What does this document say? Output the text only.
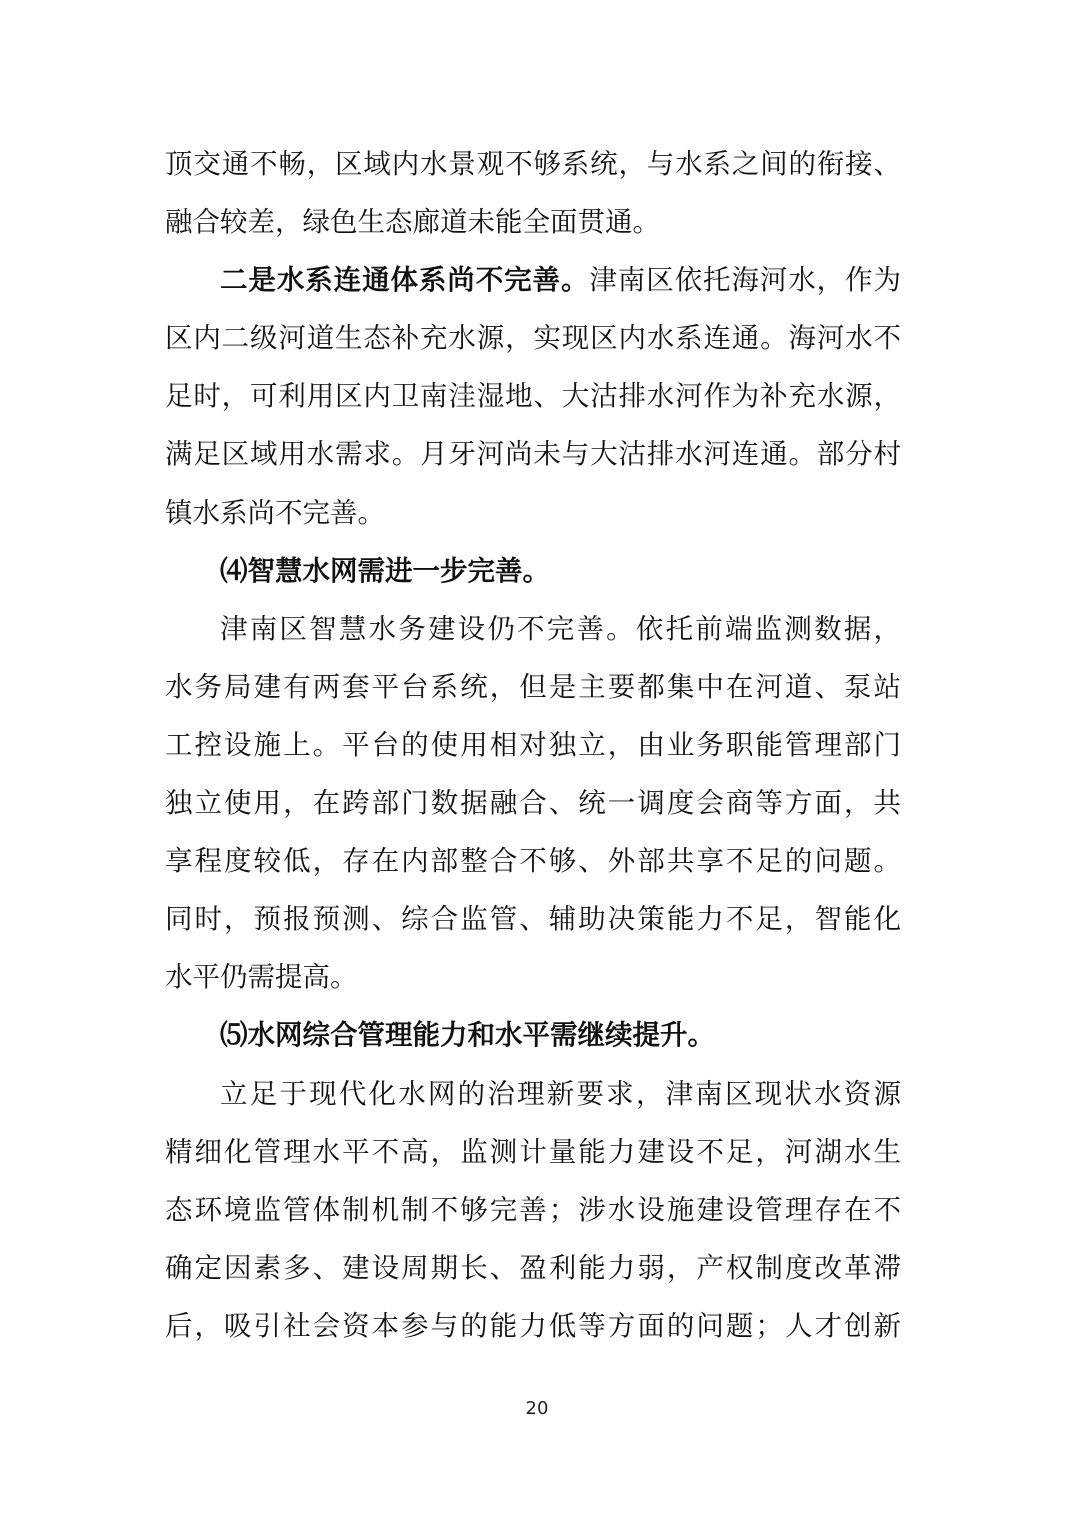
顶交通不畅，区域内水景观不够系统，与水系之间的衔接、
融合较差，绿色生态廊道未能全面贯通。
二是水系连通体系尚不完善。津南区依托海河水，作为
区内二级河道生态补充水源，实现区内水系连通。海河水不
足时，可利用区内卫南洼湿地、大沽排水河作为补充水源，
满足区域用水需求。月牙河尚未与大沽排水河连通。部分村
镇水系尚不完善。
⑷智慧水网需进一步完善。
津南区智慧水务建设仍不完善。依托前端监测数据，
水务局建有两套平台系统，但是主要都集中在河道、泵站
工控设施上。平台的使用相对独立，由业务职能管理部门
独立使用，在跨部门数据融合、统一调度会商等方面，共
享程度较低，存在内部整合不够、外部共享不足的问题。
同时，预报预测、综合监管、辅助决策能力不足，智能化
水平仍需提高。
⑸水网综合管理能力和水平需继续提升。
立足于现代化水网的治理新要求，津南区现状水资源
精细化管理水平不高，监测计量能力建设不足，河湖水生
态环境监管体制机制不够完善；涉水设施建设管理存在不
确定因素多、建设周期长、盈利能力弱，产权制度改革滞
后，吸引社会资本参与的能力低等方面的问题；人才创新
20
